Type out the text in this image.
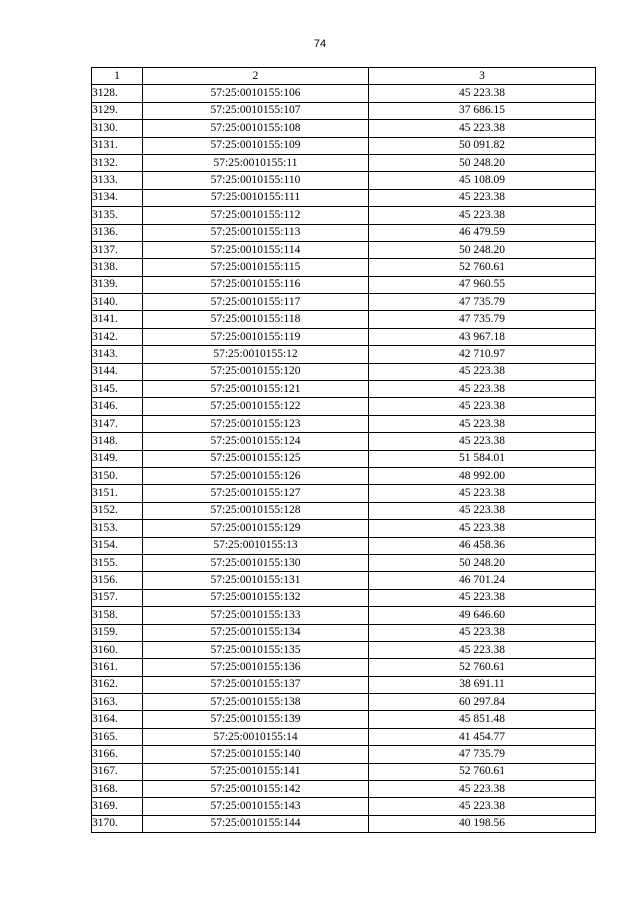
74
1	2	3
3128.	57:25:0010155:106	45 223.38
3129.	57:25:0010155:107	37 686.15
3130.	57:25:0010155:108	45 223.38
3131.	57:25:0010155:109	50 091.82
3132.	57:25:0010155:11	50 248.20
3133.	57:25:0010155:110	45 108.09
3134.	57:25:0010155:111	45 223.38
3135.	57:25:0010155:112	45 223.38
3136.	57:25:0010155:113	46 479.59
3137.	57:25:0010155:114	50 248.20
3138.	57:25:0010155:115	52 760.61
3139.	57:25:0010155:116	47 960.55
3140.	57:25:0010155:117	47 735.79
3141.	57:25:0010155:118	47 735.79
3142.	57:25:0010155:119	43 967.18
3143.	57:25:0010155:12	42 710.97
3144.	57:25:0010155:120	45 223.38
3145.	57:25:0010155:121	45 223.38
3146.	57:25:0010155:122	45 223.38
3147.	57:25:0010155:123	45 223.38
3148.	57:25:0010155:124	45 223.38
3149.	57:25:0010155:125	51 584.01
3150.	57:25:0010155:126	48 992.00
3151.	57:25:0010155:127	45 223.38
3152.	57:25:0010155:128	45 223.38
3153.	57:25:0010155:129	45 223.38
3154.	57:25:0010155:13	46 458.36
3155.	57:25:0010155:130	50 248.20
3156.	57:25:0010155:131	46 701.24
3157.	57:25:0010155:132	45 223.38
3158.	57:25:0010155:133	49 646.60
3159.	57:25:0010155:134	45 223.38
3160.	57:25:0010155:135	45 223.38
3161.	57:25:0010155:136	52 760.61
3162.	57:25:0010155:137	38 691.11
3163.	57:25:0010155:138	60 297.84
3164.	57:25:0010155:139	45 851.48
3165.	57:25:0010155:14	41 454.77
3166.	57:25:0010155:140	47 735.79
3167.	57:25:0010155:141	52 760.61
3168.	57:25:0010155:142	45 223.38
3169.	57:25:0010155:143	45 223.38
3170.	57:25:0010155:144	40 198.56
